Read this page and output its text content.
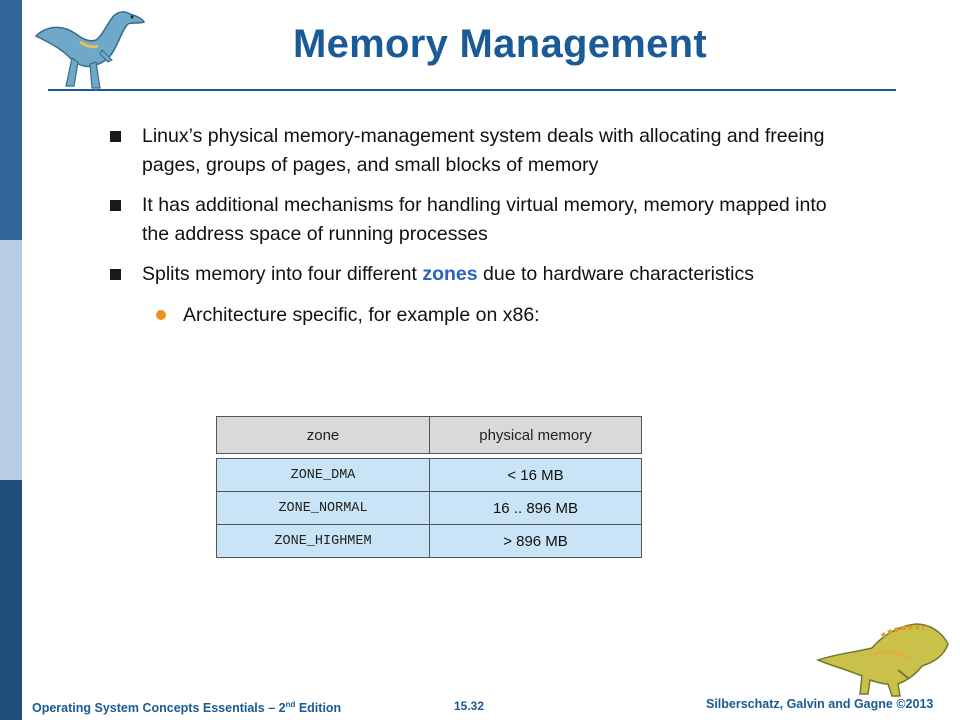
Memory Management
Linux’s physical memory-management system deals with allocating and freeing pages, groups of pages, and small blocks of memory
It has additional mechanisms for handling virtual memory, memory mapped into the address space of running processes
Splits memory into four different zones due to hardware characteristics
Architecture specific, for example on x86:
zone	physical memory
ZONE_DMA	< 16 MB
ZONE_NORMAL	16 .. 896 MB
ZONE_HIGHMEM	> 896 MB
Operating System Concepts Essentials – 2nd Edition	15.32	Silberschatz, Galvin and Gagne ©2013
